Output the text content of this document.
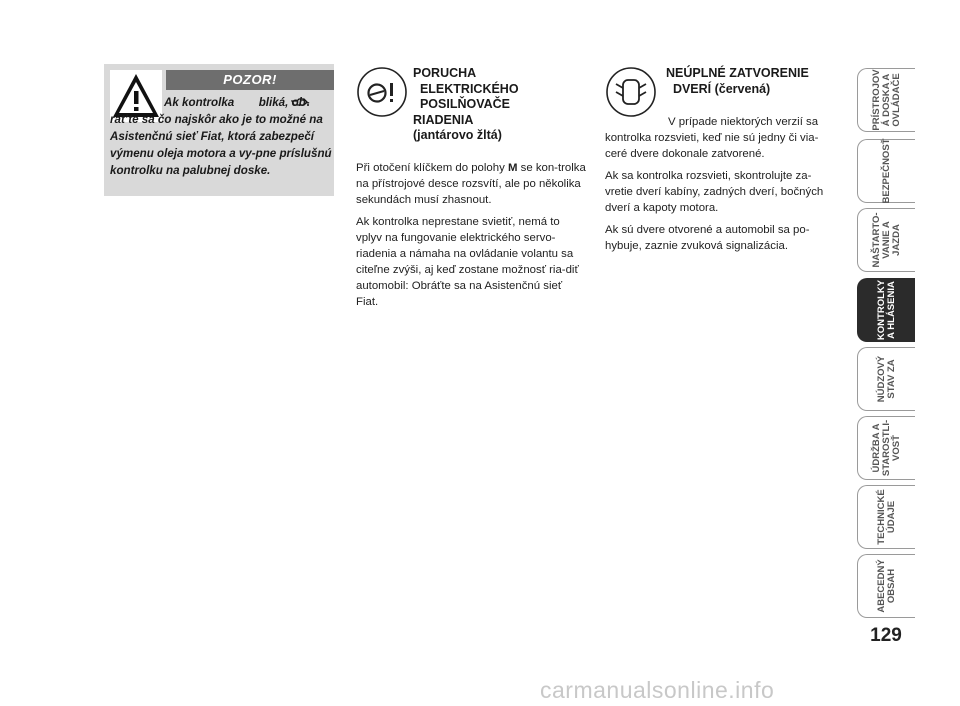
POZOR!
Ak kontrolka bliká, ob- rát’te sa čo najskôr ako je to možné na Asistenčnú sieť Fiat, ktorá zabezpečí výmenu oleja motora a vy-pne príslušnú kontrolku na palubnej doske.
PORUCHA
ELEKTRICKÉHO
POSILŇOVAČE
RIADENIA
(jantárovo žltá)

Při otočení klíčkem do polohy M se kon-trolka na přístrojové desce rozsvítí, ale po několika sekundách musí zhasnout.

Ak kontrolka neprestane svietiť, nemá to vplyv na fungovanie elektrického servo-riadenia a námaha na ovládanie volantu sa citeľne zvýši, aj keď zostane možnosť ria-diť automobil: Obráťte sa na Asistenčnú sieť Fiat.

NEÚPLNÉ ZATVORENIE
DVERÍ (červená)

V prípade niektorých verzií sa kontrolka rozsvieti, keď nie sú jedny či via-ceré dvere dokonale zatvorené.

Ak sa kontrolka rozsvieti, skontrolujte za-vretie dverí kabíny, zadných dverí, bočných dverí a kapoty motora.

Ak sú dvere otvorené a automobil sa po-hybuje, zaznie zvuková signalizácia.

PRÍSTROJOV
Á DOSKA A
OVLÁDAČE
BEZPEČNOSŤ
NAŠTARTO-
VANIE A
JAZDA
KONTROLKY
A HLÁSENIA
NÚDZOVÝ
STAV ZA
ÚDRŽBA A
STAROSTLI-
VOSŤ
TECHNICKÉ
ÚDAJE
ABECEDNÝ
OBSAH
129
carmanualsonline.info
